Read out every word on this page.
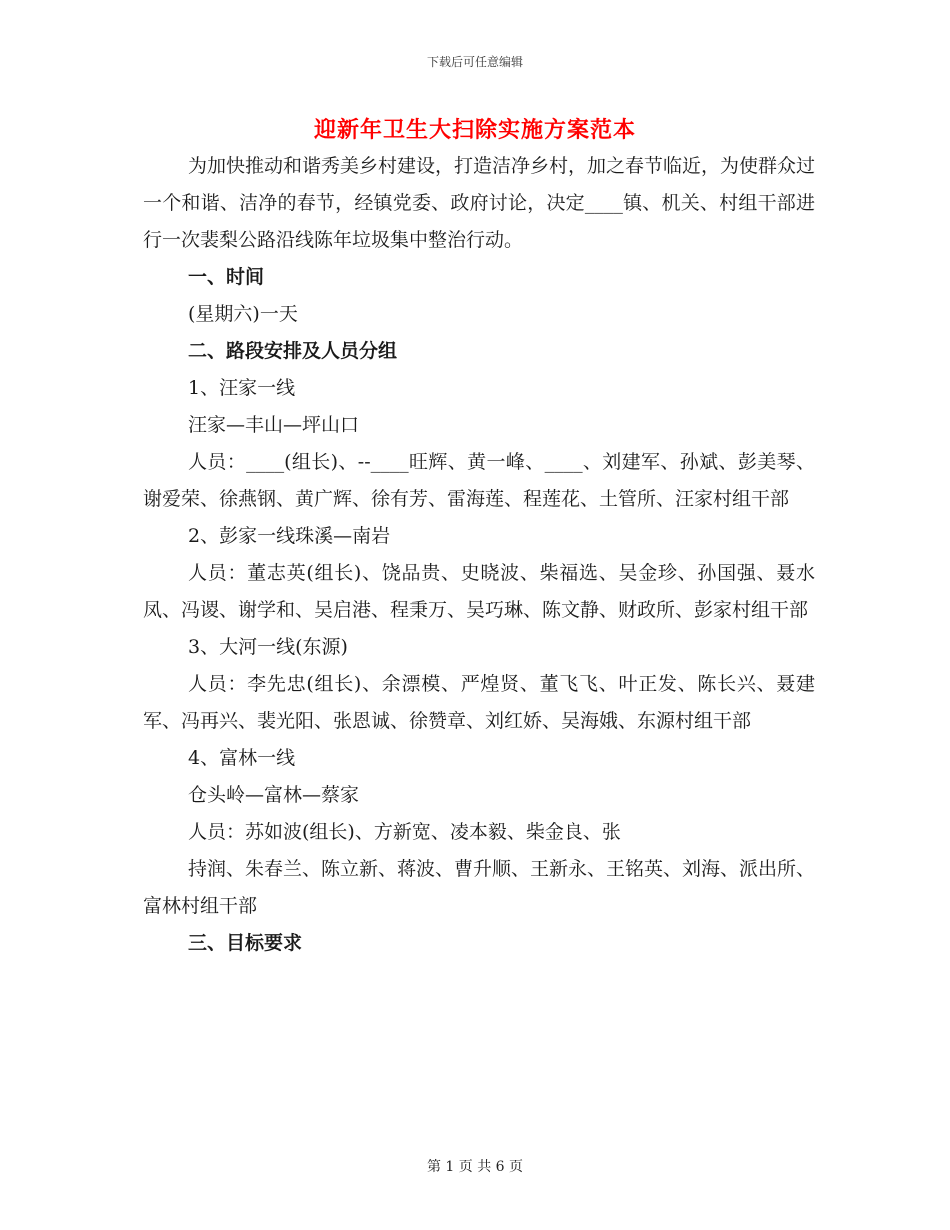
下载后可任意编辑
迎新年卫生大扫除实施方案范本

为加快推动和谐秀美乡村建设，打造洁净乡村，加之春节临近，为使群众过一个和谐、洁净的春节，经镇党委、政府讨论，决定____镇、机关、村组干部进行一次裴梨公路沿线陈年垃圾集中整治行动。

一、时间

(星期六)一天

二、路段安排及人员分组

1、汪家一线

汪家—丰山—坪山口

人员：____(组长)、--____旺辉、黄一峰、____、刘建军、孙斌、彭美琴、谢爱荣、徐燕钢、黄广辉、徐有芳、雷海莲、程莲花、土管所、汪家村组干部

2、彭家一线珠溪—南岩

人员：董志英(组长)、饶品贵、史晓波、柴福选、吴金珍、孙国强、聂水凤、冯谡、谢学和、吴启港、程秉万、吴巧琳、陈文静、财政所、彭家村组干部

3、大河一线(东源)

人员：李先忠(组长)、余漂模、严煌贤、董飞飞、叶正发、陈长兴、聂建军、冯再兴、裴光阳、张恩诚、徐赞章、刘红娇、吴海娥、东源村组干部

4、富林一线

仓头岭—富林—蔡家

人员：苏如波(组长)、方新宽、凌本毅、柴金良、张

持润、朱春兰、陈立新、蒋波、曹升顺、王新永、王铭英、刘海、派出所、富林村组干部

三、目标要求

第 1 页 共 6 页
